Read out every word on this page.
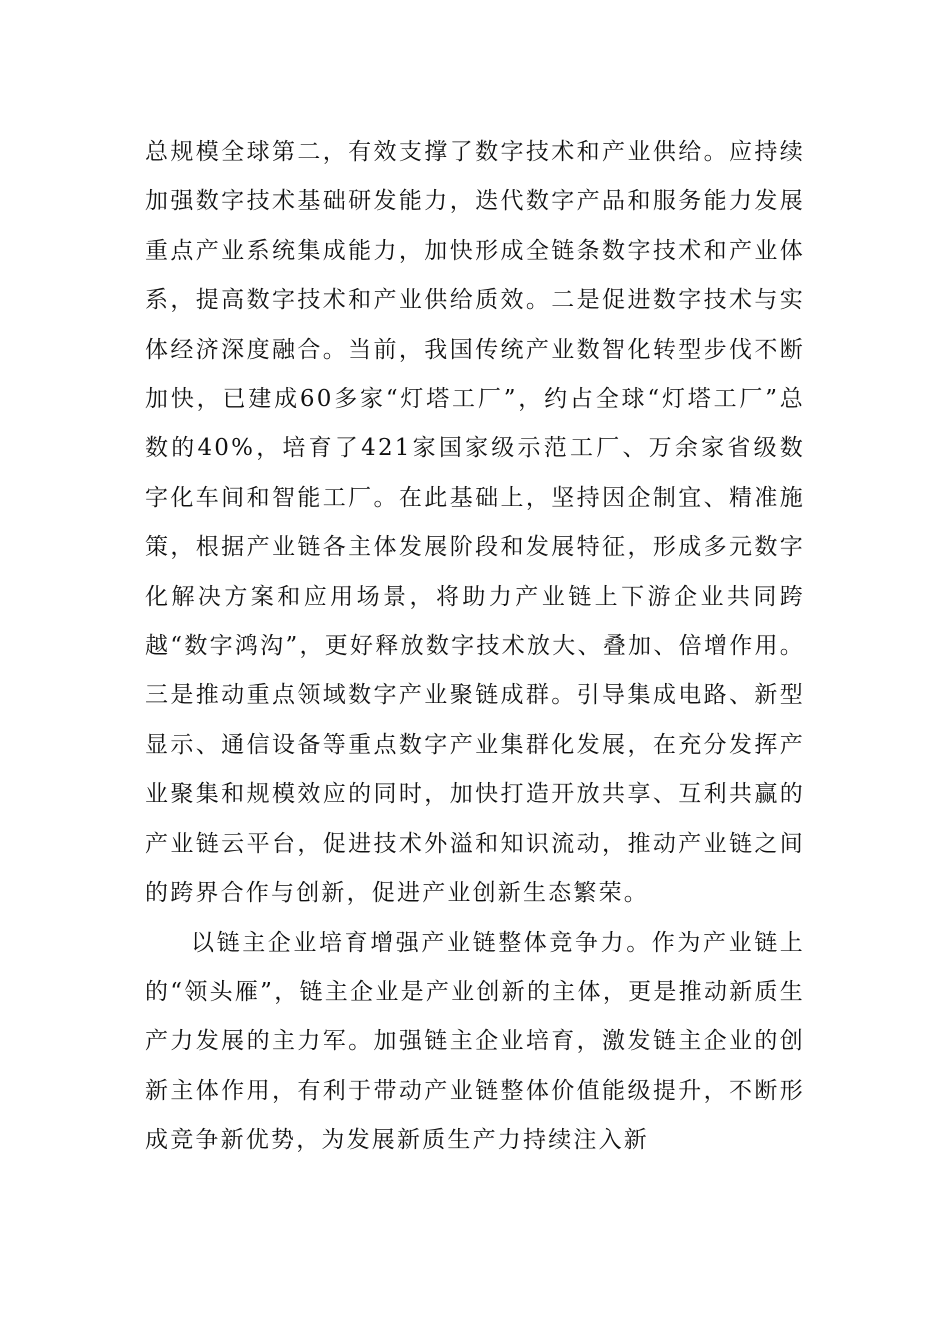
总规模全球第二，有效支撑了数字技术和产业供给。应持续加强数字技术基础研发能力，迭代数字产品和服务能力发展重点产业系统集成能力，加快形成全链条数字技术和产业体系，提高数字技术和产业供给质效。二是促进数字技术与实体经济深度融合。当前，我国传统产业数智化转型步伐不断加快，已建成60多家“灯塔工厂”，约占全球“灯塔工厂”总数的40%，培育了421家国家级示范工厂、万余家省级数字化车间和智能工厂。在此基础上，坚持因企制宜、精准施策，根据产业链各主体发展阶段和发展特征，形成多元数字化解决方案和应用场景，将助力产业链上下游企业共同跨越“数字鸿沟”，更好释放数字技术放大、叠加、倍增作用。三是推动重点领域数字产业聚链成群。引导集成电路、新型显示、通信设备等重点数字产业集群化发展，在充分发挥产业聚集和规模效应的同时，加快打造开放共享、互利共赢的产业链云平台，促进技术外溢和知识流动，推动产业链之间的跨界合作与创新，促进产业创新生态繁荣。

以链主企业培育增强产业链整体竞争力。作为产业链上的“领头雁”，链主企业是产业创新的主体，更是推动新质生产力发展的主力军。加强链主企业培育，激发链主企业的创新主体作用，有利于带动产业链整体价值能级提升，不断形成竞争新优势，为发展新质生产力持续注入新
